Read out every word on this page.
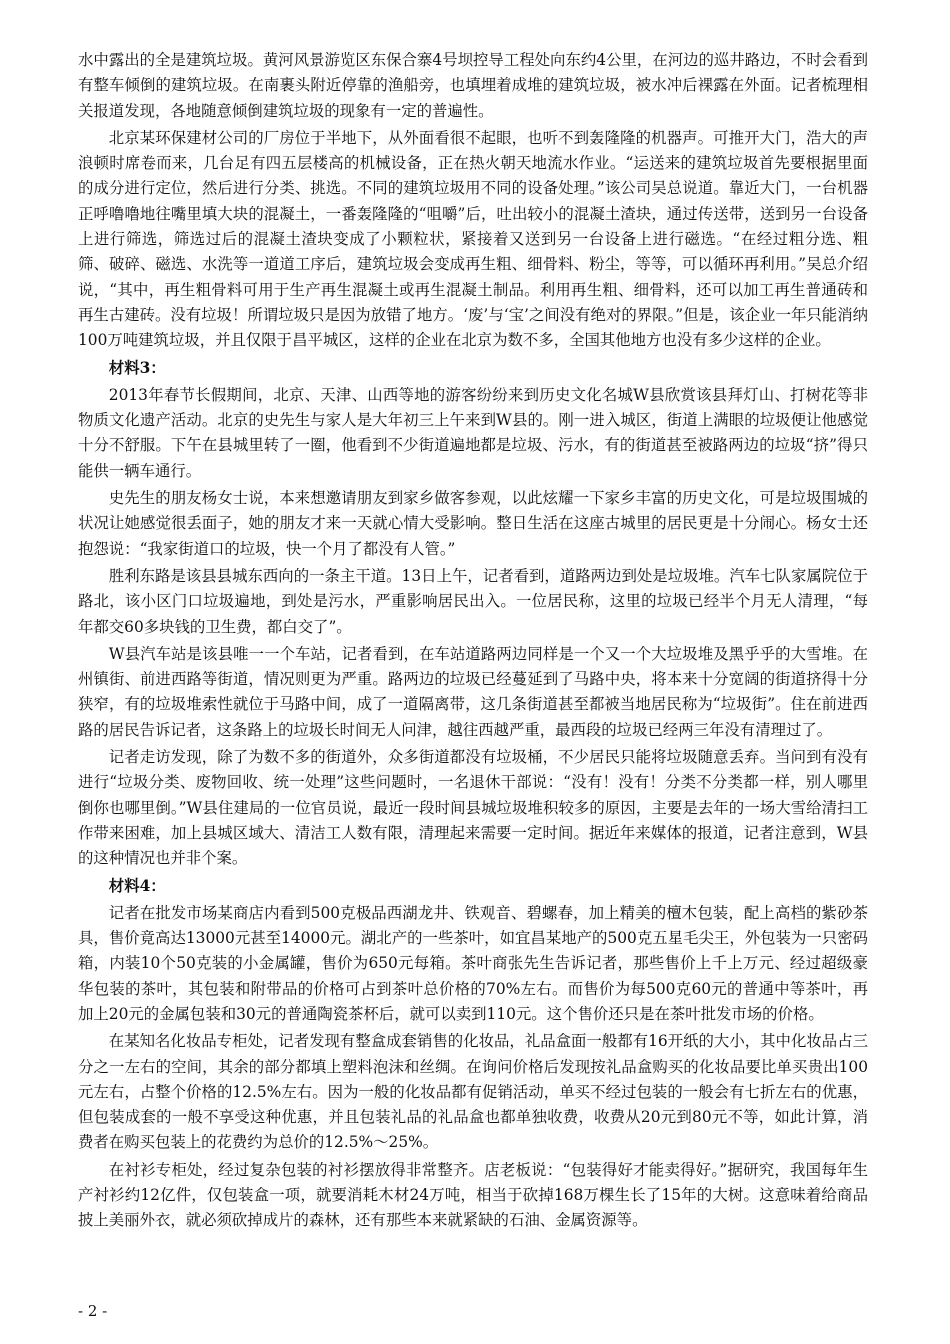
水中露出的全是建筑垃圾。黄河风景游览区东保合寨4号坝控导工程处向东约4公里，在河边的巡井路边，不时会看到有整车倾倒的建筑垃圾。在南裹头附近停靠的渔船旁，也填埋着成堆的建筑垃圾，被水冲后裸露在外面。记者梳理相关报道发现，各地随意倾倒建筑垃圾的现象有一定的普遍性。

北京某环保建材公司的厂房位于半地下，从外面看很不起眼，也听不到轰隆隆的机器声。可推开大门，浩大的声浪顿时席卷而来，几台足有四五层楼高的机械设备，正在热火朝天地流水作业。“运送来的建筑垃圾首先要根据里面的成分进行定位，然后进行分类、挑选。不同的建筑垃圾用不同的设备处理。”该公司吴总说道。靠近大门，一台机器正呼噜噜地往嘴里填大块的混凝土，一番轰隆隆的“咀嚼”后，吐出较小的混凝土渣块，通过传送带，送到另一台设备上进行筛选，筛选过后的混凝土渣块变成了小颗粒状，紧接着又送到另一台设备上进行磁选。“在经过粗分选、粗筛、破碎、磁选、水洗等一道道工序后，建筑垃圾会变成再生粗、细骨料、粉尘，等等，可以循环再利用。”吴总介绍说，“其中，再生粗骨料可用于生产再生混凝土或再生混凝土制品。利用再生粗、细骨料，还可以加工再生普通砖和再生古建砖。没有垃圾！所谓垃圾只是因为放错了地方。‘废’与‘宝’之间没有绝对的界限。”但是，该企业一年只能消纳100万吨建筑垃圾，并且仅限于昌平城区，这样的企业在北京为数不多，全国其他地方也没有多少这样的企业。

材料3：

2013年春节长假期间，北京、天津、山西等地的游客纷纷来到历史文化名城W县欣赏该县拜灯山、打树花等非物质文化遗产活动。北京的史先生与家人是大年初三上午来到W县的。刚一进入城区，街道上满眼的垃圾便让他感觉十分不舒服。下午在县城里转了一圈，他看到不少街道遍地都是垃圾、污水，有的街道甚至被路两边的垃圾“挤”得只能供一辆车通行。

史先生的朋友杨女士说，本来想邀请朋友到家乡做客参观，以此炫耀一下家乡丰富的历史文化，可是垃圾围城的状况让她感觉很丢面子，她的朋友才来一天就心情大受影响。整日生活在这座古城里的居民更是十分闹心。杨女士还抱怨说：“我家街道口的垃圾，快一个月了都没有人管。”

胜利东路是该县县城东西向的一条主干道。13日上午，记者看到，道路两边到处是垃圾堆。汽车七队家属院位于路北，该小区门口垃圾遍地，到处是污水，严重影响居民出入。一位居民称，这里的垃圾已经半个月无人清理，“每年都交60多块钱的卫生费，都白交了”。

W县汽车站是该县唯一一个车站，记者看到，在车站道路两边同样是一个又一个大垃圾堆及黑乎乎的大雪堆。在州镇街、前进西路等街道，情况则更为严重。路两边的垃圾已经蔓延到了马路中央，将本来十分宽阔的街道挤得十分狭窄，有的垃圾堆索性就位于马路中间，成了一道隔离带，这几条街道甚至都被当地居民称为“垃圾街”。住在前进西路的居民告诉记者，这条路上的垃圾长时间无人问津，越往西越严重，最西段的垃圾已经两三年没有清理过了。

记者走访发现，除了为数不多的街道外，众多街道都没有垃圾桶，不少居民只能将垃圾随意丢弃。当问到有没有进行“垃圾分类、废物回收、统一处理”这些问题时，一名退休干部说：“没有！没有！分类不分类都一样，别人哪里倒你也哪里倒。”W县住建局的一位官员说，最近一段时间县城垃圾堆积较多的原因，主要是去年的一场大雪给清扫工作带来困难，加上县城区域大、清洁工人数有限，清理起来需要一定时间。据近年来媒体的报道，记者注意到，W县的这种情况也并非个案。

材料4：

记者在批发市场某商店内看到500克极品西湖龙井、铁观音、碧螺春，加上精美的檀木包装，配上高档的紫砂茶具，售价竟高达13000元甚至14000元。湖北产的一些茶叶，如宜昌某地产的500克五星毛尖王，外包装为一只密码箱，内装10个50克装的小金属罐，售价为650元每箱。茶叶商张先生告诉记者，那些售价上千上万元、经过超级豪华包装的茶叶，其包装和附带品的价格可占到茶叶总价格的70%左右。而售价为每500克60元的普通中等茶叶，再加上20元的金属包装和30元的普通陶瓷茶杯后，就可以卖到110元。这个售价还只是在茶叶批发市场的价格。

在某知名化妆品专柜处，记者发现有整盒成套销售的化妆品，礼品盒面一般都有16开纸的大小，其中化妆品占三分之一左右的空间，其余的部分都填上塑料泡沫和丝绸。在询问价格后发现按礼品盒购买的化妆品要比单买贵出100元左右，占整个价格的12.5%左右。因为一般的化妆品都有促销活动，单买不经过包装的一般会有七折左右的优惠，但包装成套的一般不享受这种优惠，并且包装礼品的礼品盒也都单独收费，收费从20元到80元不等，如此计算，消费者在购买包装上的花费约为总价的12.5%～25%。

在衬衫专柜处，经过复杂包装的衬衫摆放得非常整齐。店老板说：“包装得好才能卖得好。”据研究，我国每年生产衬衫约12亿件，仅包装盒一项，就要消耗木材24万吨，相当于砍掉168万棵生长了15年的大树。这意味着给商品披上美丽外衣，就必须砍掉成片的森林，还有那些本来就紧缺的石油、金属资源等。

- 2 -
